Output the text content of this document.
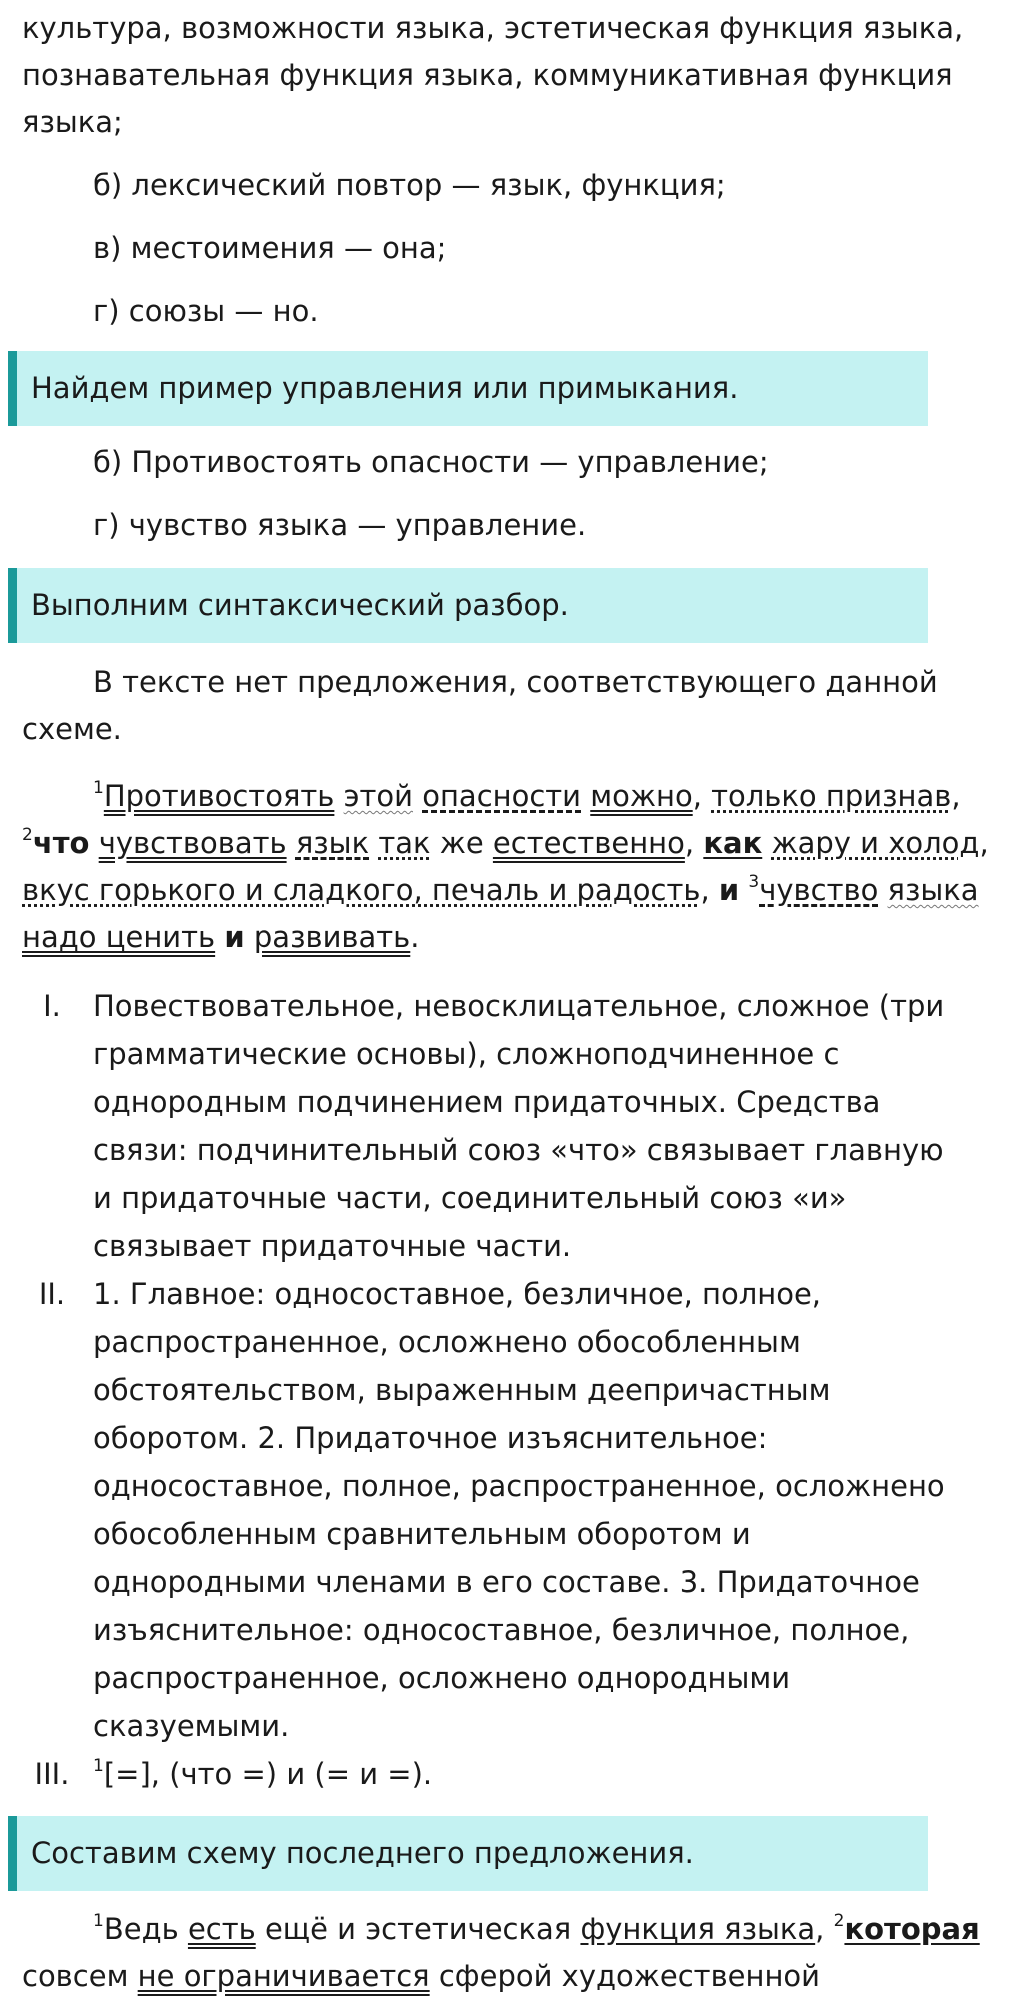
культура, возможности языка, эстетическая функция языка,
познавательная функция языка, коммуникативная функция
языка;
б) лексический повтор — язык, функция;
в) местоимения — она;
г) союзы — но.
Найдем пример управления или примыкания.
б) Противостоять опасности — управление;
г) чувство языка — управление.
Выполним синтаксический разбор.
В тексте нет предложения, соответствующего данной
схеме.
$^1$Противостоять этой опасности можно, только признав,
$^2$что чувствовать язык так же естественно, как жару и холод,
вкус горького и сладкого, печаль и радость, и $^3$чувство языка
надо ценить и развивать.
I.	Повествовательное, невосклицательное, сложное (три
грамматические основы), сложноподчиненное с
однородным подчинением придаточных. Средства
связи: подчинительный союз «что» связывает главную
и придаточные части, соединительный союз «и»
связывает придаточные части.
II. 1. Главное: односоставное, безличное, полное,
распространенное, осложнено обособленным
обстоятельством, выраженным деепричастным
оборотом. 2. Придаточное изъяснительное:
односоставное, полное, распространенное, осложнено
обособленным сравнительным оборотом и
однородными членами в его составе. 3. Придаточное
изъяснительное: односоставное, безличное, полное,
распространенное, осложнено однородными
сказуемыми.
III.	$^1$[=], (что =) и (= и =).
Составим схему последнего предложения.
$^1$Ведь есть ещё и эстетическая функция языка, $^2$которая
совсем не ограничивается сферой художественной
